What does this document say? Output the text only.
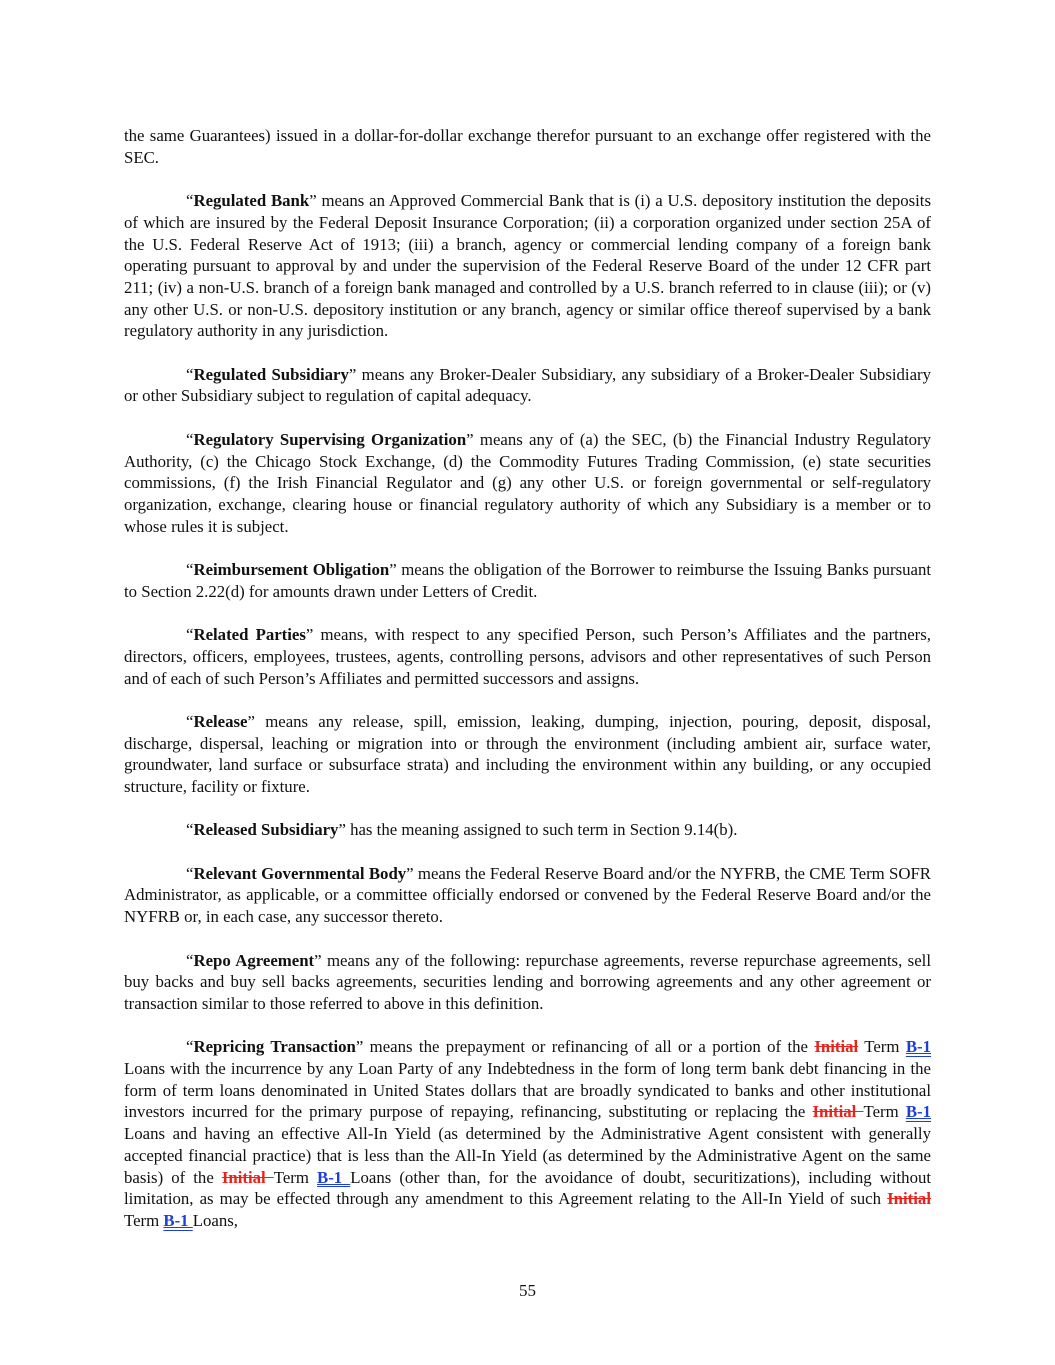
the same Guarantees) issued in a dollar-for-dollar exchange therefor pursuant to an exchange offer registered with the SEC.

“Regulated Bank” means an Approved Commercial Bank that is (i) a U.S. depository institution the deposits of which are insured by the Federal Deposit Insurance Corporation; (ii) a corporation organized under section 25A of the U.S. Federal Reserve Act of 1913; (iii) a branch, agency or commercial lending company of a foreign bank operating pursuant to approval by and under the supervision of the Federal Reserve Board of the under 12 CFR part 211; (iv) a non-U.S. branch of a foreign bank managed and controlled by a U.S. branch referred to in clause (iii); or (v) any other U.S. or non-U.S. depository institution or any branch, agency or similar office thereof supervised by a bank regulatory authority in any jurisdiction.

“Regulated Subsidiary” means any Broker-Dealer Subsidiary, any subsidiary of a Broker-Dealer Subsidiary or other Subsidiary subject to regulation of capital adequacy.

“Regulatory Supervising Organization” means any of (a) the SEC, (b) the Financial Industry Regulatory Authority, (c) the Chicago Stock Exchange, (d) the Commodity Futures Trading Commission, (e) state securities commissions, (f) the Irish Financial Regulator and (g) any other U.S. or foreign governmental or self-regulatory organization, exchange, clearing house or financial regulatory authority of which any Subsidiary is a member or to whose rules it is subject.

“Reimbursement Obligation” means the obligation of the Borrower to reimburse the Issuing Banks pursuant to Section 2.22(d) for amounts drawn under Letters of Credit.

“Related Parties” means, with respect to any specified Person, such Person’s Affiliates and the partners, directors, officers, employees, trustees, agents, controlling persons, advisors and other representatives of such Person and of each of such Person’s Affiliates and permitted successors and assigns.

“Release” means any release, spill, emission, leaking, dumping, injection, pouring, deposit, disposal, discharge, dispersal, leaching or migration into or through the environment (including ambient air, surface water, groundwater, land surface or subsurface strata) and including the environment within any building, or any occupied structure, facility or fixture.

“Released Subsidiary” has the meaning assigned to such term in Section 9.14(b).

“Relevant Governmental Body” means the Federal Reserve Board and/or the NYFRB, the CME Term SOFR Administrator, as applicable, or a committee officially endorsed or convened by the Federal Reserve Board and/or the NYFRB or, in each case, any successor thereto.

“Repo Agreement” means any of the following: repurchase agreements, reverse repurchase agreements, sell buy backs and buy sell backs agreements, securities lending and borrowing agreements and any other agreement or transaction similar to those referred to above in this definition.

“Repricing Transaction” means the prepayment or refinancing of all or a portion of the Initial Term B-1 Loans with the incurrence by any Loan Party of any Indebtedness in the form of long term bank debt financing in the form of term loans denominated in United States dollars that are broadly syndicated to banks and other institutional investors incurred for the primary purpose of repaying, refinancing, substituting or replacing the Initial Term B-1 Loans and having an effective All-In Yield (as determined by the Administrative Agent consistent with generally accepted financial practice) that is less than the All-In Yield (as determined by the Administrative Agent on the same basis) of the Initial Term B-1 Loans (other than, for the avoidance of doubt, securitizations), including without limitation, as may be effected through any amendment to this Agreement relating to the All-In Yield of such Initial Term B-1 Loans,

55
